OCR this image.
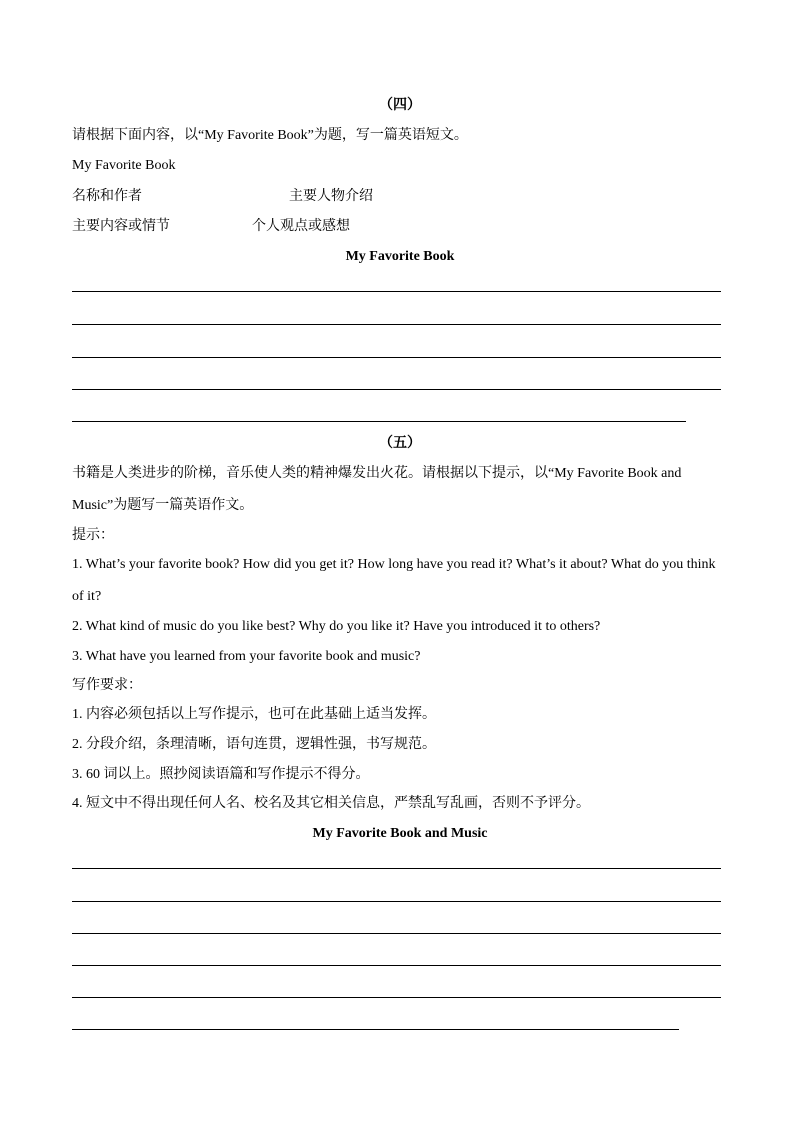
（四）
请根据下面内容，以“My Favorite Book”为题，写一篇英语短文。
My Favorite Book
名称和作者	主要人物介绍
主要内容或情节	个人观点或感想
My Favorite Book
（五）
书籍是人类进步的阶梯，音乐使人类的精神爆发出火花。请根据以下提示，以“My Favorite Book and
Music”为题写一篇英语作文。
提示：
1. What’s your favorite book? How did you get it? How long have you read it? What’s it about? What do you think
of it?
2. What kind of music do you like best? Why do you like it? Have you introduced it to others?
3. What have you learned from your favorite book and music?
写作要求：
1. 内容必须包括以上写作提示，也可在此基础上适当发挥。
2. 分段介绍，条理清晰，语句连贯，逻辑性强，书写规范。
3. 60 词以上。照抄阅读语篇和写作提示不得分。
4. 短文中不得出现任何人名、校名及其它相关信息，严禁乱写乱画，否则不予评分。
My Favorite Book and Music
